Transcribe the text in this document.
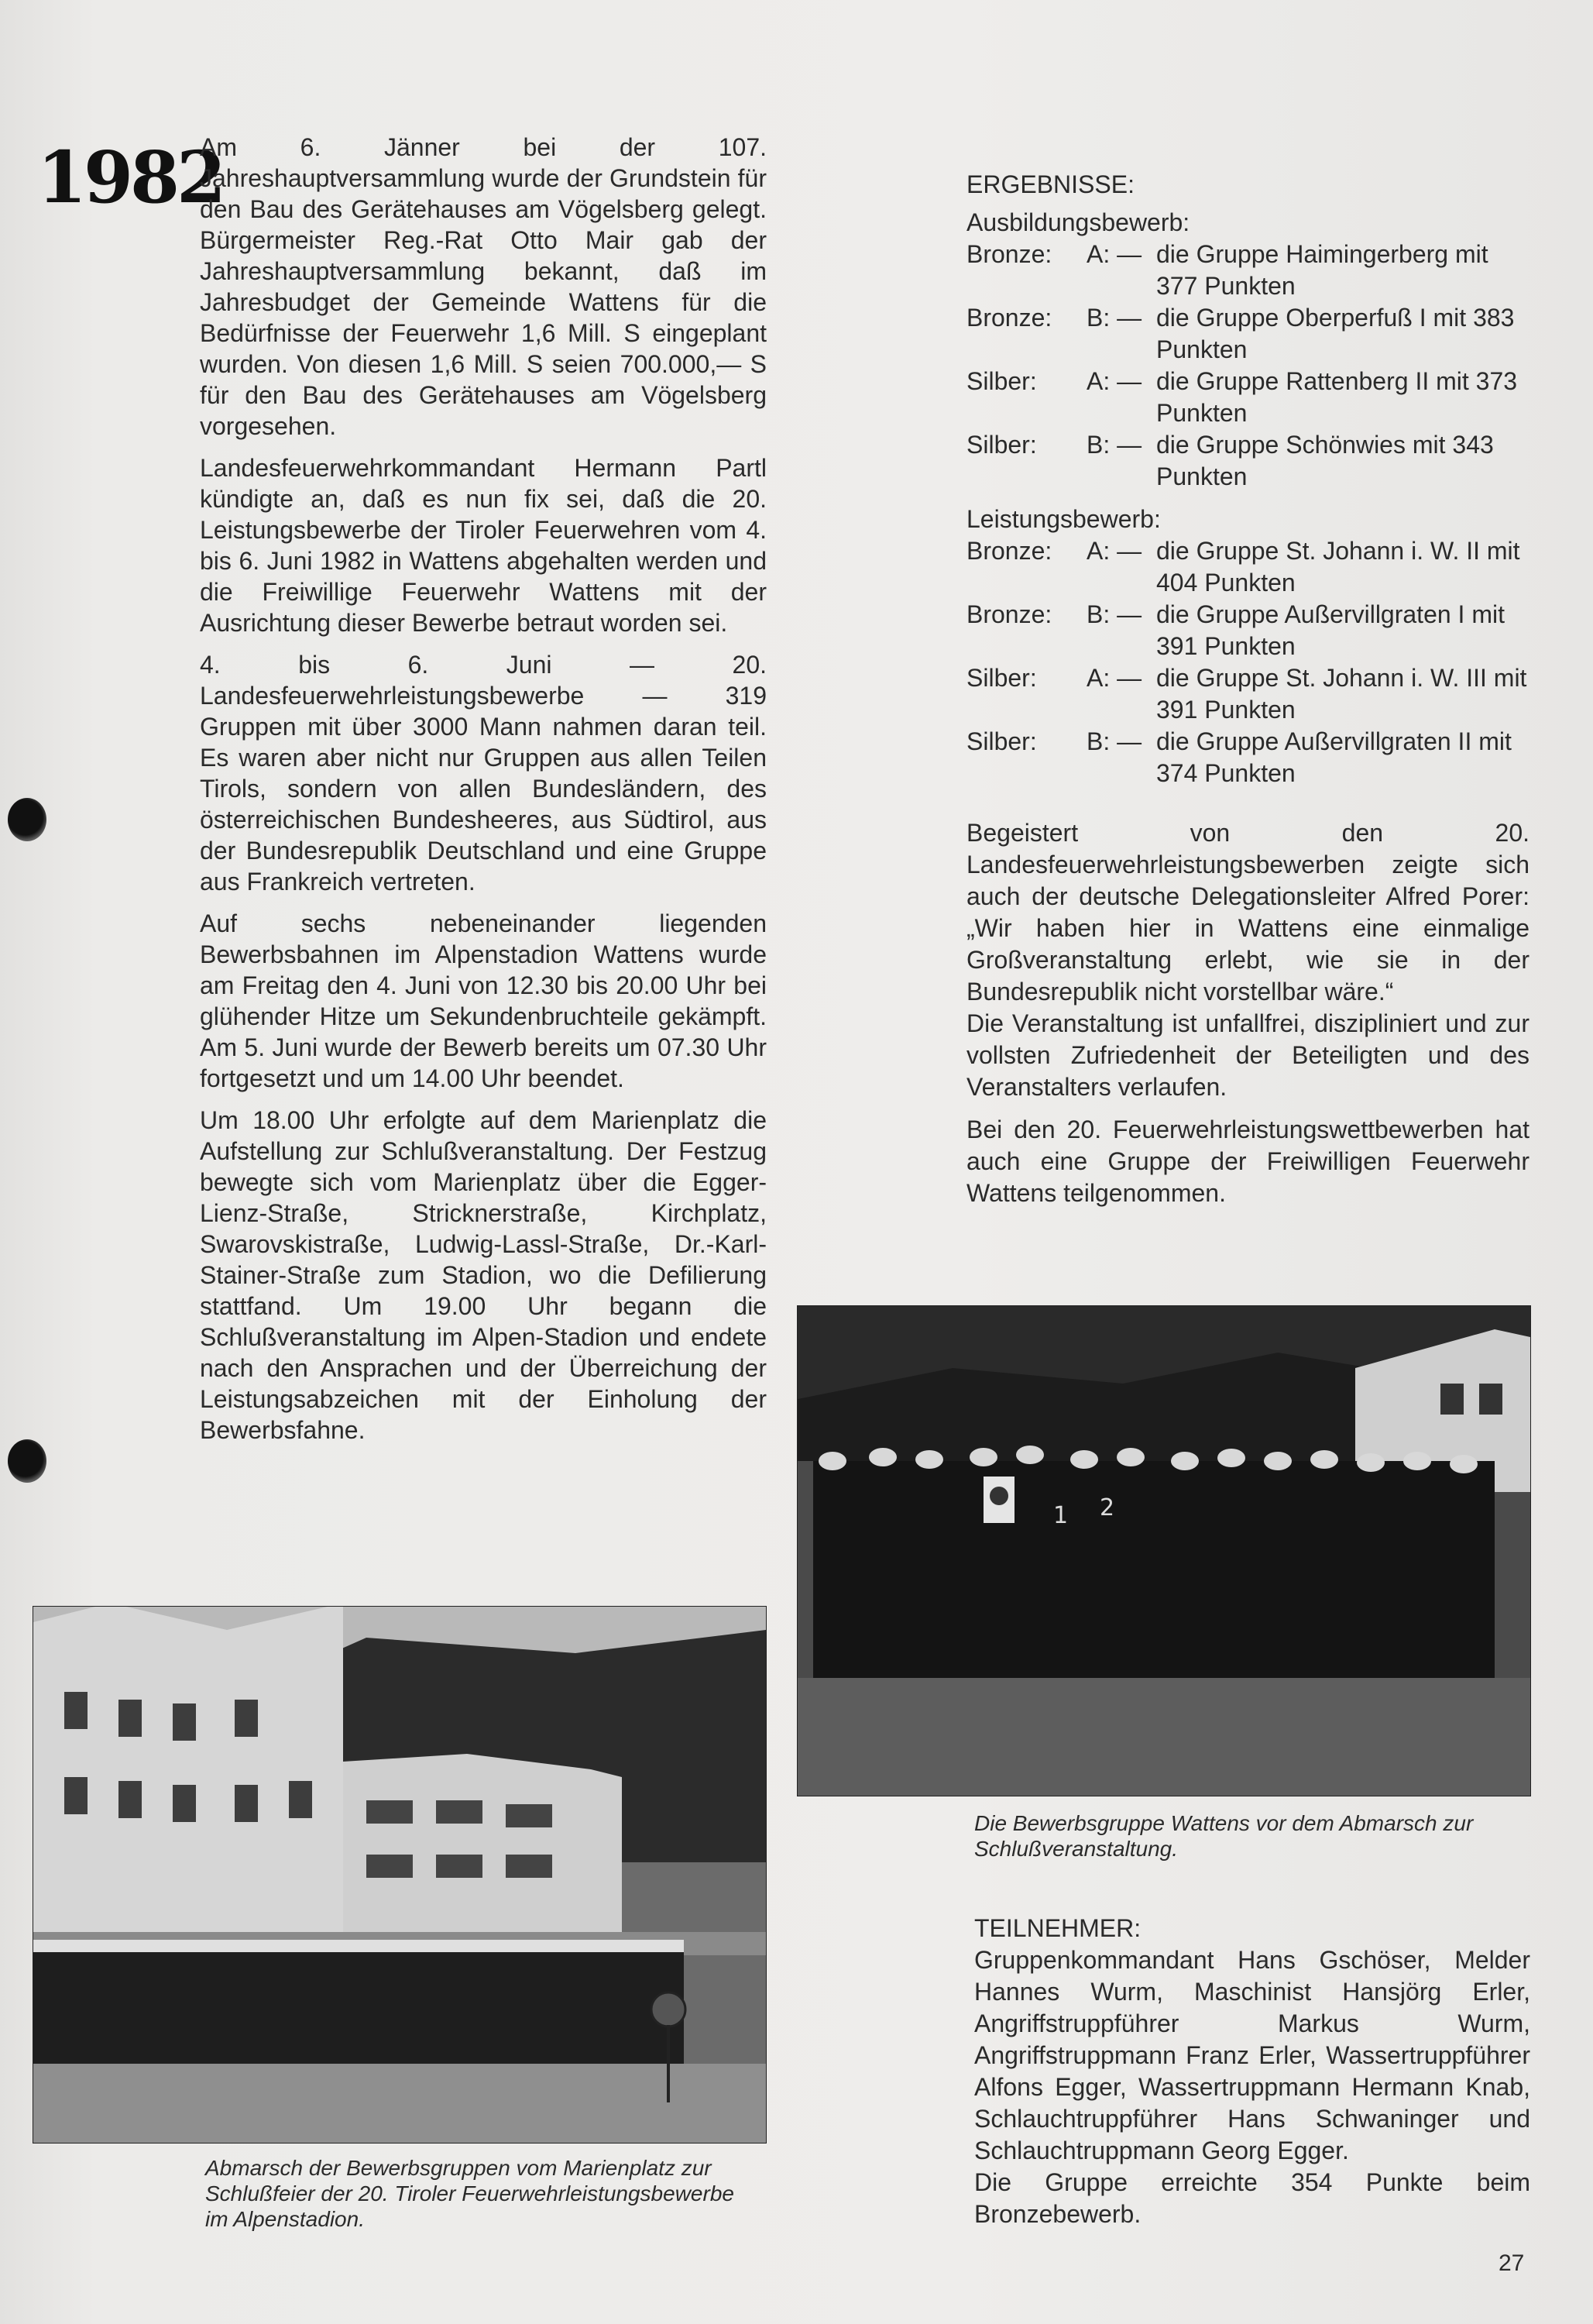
1982

Am 6. Jänner bei der 107. Jahreshauptversammlung wurde der Grundstein für den Bau des Gerätehauses am Vögelsberg gelegt. Bürgermeister Reg.-Rat Otto Mair gab der Jahreshauptversammlung bekannt, daß im Jahresbudget der Gemeinde Wattens für die Bedürfnisse der Feuerwehr 1,6 Mill. S eingeplant wurden. Von diesen 1,6 Mill. S seien 700.000,— S für den Bau des Gerätehauses am Vögelsberg vorgesehen.

Landesfeuerwehrkommandant Hermann Partl kündigte an, daß es nun fix sei, daß die 20. Leistungsbewerbe der Tiroler Feuerwehren vom 4. bis 6. Juni 1982 in Wattens abgehalten werden und die Freiwillige Feuerwehr Wattens mit der Ausrichtung dieser Bewerbe betraut worden sei.

4. bis 6. Juni — 20. Landesfeuerwehrleistungsbewerbe — 319 Gruppen mit über 3000 Mann nahmen daran teil. Es waren aber nicht nur Gruppen aus allen Teilen Tirols, sondern von allen Bundesländern, des österreichischen Bundesheeres, aus Südtirol, aus der Bundesrepublik Deutschland und eine Gruppe aus Frankreich vertreten.

Auf sechs nebeneinander liegenden Bewerbsbahnen im Alpenstadion Wattens wurde am Freitag den 4. Juni von 12.30 bis 20.00 Uhr bei glühender Hitze um Sekundenbruchteile gekämpft. Am 5. Juni wurde der Bewerb bereits um 07.30 Uhr fortgesetzt und um 14.00 Uhr beendet.

Um 18.00 Uhr erfolgte auf dem Marienplatz die Aufstellung zur Schlußveranstaltung. Der Festzug bewegte sich vom Marienplatz über die Egger-Lienz-Straße, Stricknerstraße, Kirchplatz, Swarovskistraße, Ludwig-Lassl-Straße, Dr.-Karl-Stainer-Straße zum Stadion, wo die Defilierung stattfand. Um 19.00 Uhr begann die Schlußveranstaltung im Alpen-Stadion und endete nach den Ansprachen und der Überreichung der Leistungsabzeichen mit der Einholung der Bewerbsfahne.

ERGEBNISSE:

Ausbildungsbewerb:

Bronze:	A: — die Gruppe Haimingerberg mit 377 Punkten
Bronze:	B: — die Gruppe Oberperfuß I mit 383 Punkten
Silber:	A: — die Gruppe Rattenberg II mit 373 Punkten
Silber:	B: — die Gruppe Schönwies mit 343 Punkten

Leistungsbewerb:

Bronze:	A: — die Gruppe St. Johann i. W. II mit 404 Punkten
Bronze:	B: — die Gruppe Außervillgraten I mit 391 Punkten
Silber:	A: — die Gruppe St. Johann i. W. III mit 391 Punkten
Silber:	B: — die Gruppe Außervillgraten II mit 374 Punkten

Begeistert von den 20. Landesfeuerwehrleistungsbewerben zeigte sich auch der deutsche Delegationsleiter Alfred Porer: „Wir haben hier in Wattens eine einmalige Großveranstaltung erlebt, wie sie in der Bundesrepublik nicht vorstellbar wäre.“

Die Veranstaltung ist unfallfrei, diszipliniert und zur vollsten Zufriedenheit der Beteiligten und des Veranstalters verlaufen.

Bei den 20. Feuerwehrleistungswettbewerben hat auch eine Gruppe der Freiwilligen Feuerwehr Wattens teilgenommen.

Abmarsch der Bewerbsgruppen vom Marienplatz zur Schlußfeier der 20. Tiroler Feuerwehrleistungsbewerbe im Alpenstadion.
1 2
Die Bewerbsgruppe Wattens vor dem Abmarsch zur Schlußveranstaltung.

TEILNEHMER:

Gruppenkommandant Hans Gschöser, Melder Hannes Wurm, Maschinist Hansjörg Erler, Angriffstruppführer Markus Wurm, Angriffstruppmann Franz Erler, Wassertruppführer Alfons Egger, Wassertruppmann Hermann Knab, Schlauchtruppführer Hans Schwaninger und Schlauchtruppmann Georg Egger.

Die Gruppe erreichte 354 Punkte beim Bronzebewerb.

27
